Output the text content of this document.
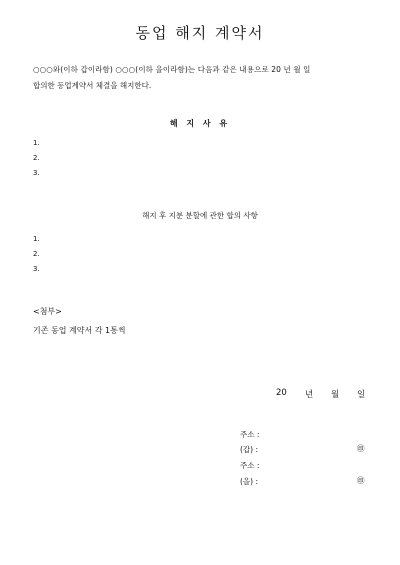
동업 해지 계약서
○○○와(이하 갑이라함) ○○○(이하 을이라함)는 다음과 같은 내용으로 20 년 월 일
합의한 동업계약서 체결을 해지한다.
해 지 사 유
1.
2.
3.
해지 후 지분 분할에 관한 합의 사항
1.
2.
3.
<첨부>
기존 동업 계약서 각 1통씩
20 년 월 일
주소 :
(갑) :	㊞
주소 :
(을) :	㊞
